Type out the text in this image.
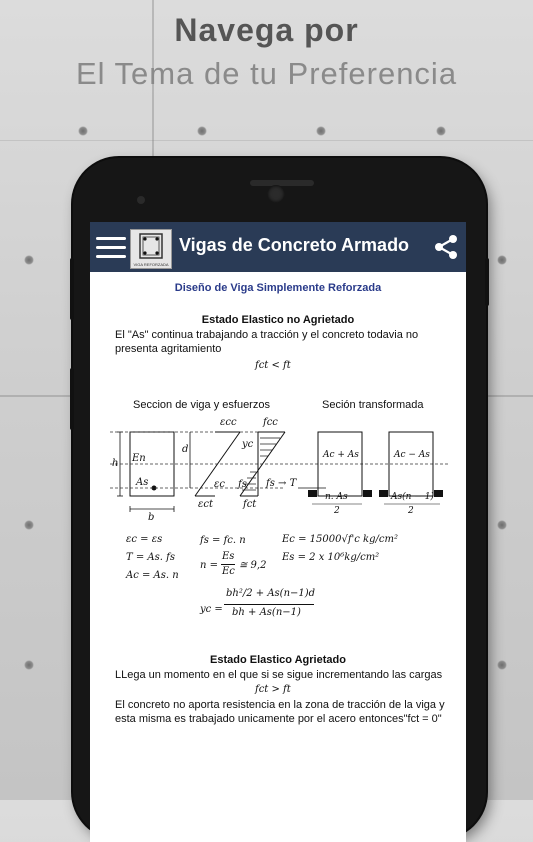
Navega por
El Tema de tu Preferencia
VIGA REFORZADA
Vigas de Concreto Armado
Diseño de Viga Simplemente Reforzada
Estado Elastico no Agrietado
El "As" continua trabajando a tracción y el concreto todavia no presenta agritamiento
fct < ft
Seccion de viga y esfuerzos	Seción transformada
εcc	fcc
h
d	yc
En
As	εc fs fs → T
εct	fct
b
Ac + As	Ac − As
n. As
2
As(n − 1)
2
εc = εs
T = As. fs
Ac = As. n
fs = fc. n
n =
Es
Ec
≅ 9,2
Ec = 15000√f'c kg/cm²
Es = 2 x 10⁶kg/cm²
yc =
bh²/2 + As(n−1)d
bh + As(n−1)
Estado Elastico Agrietado
LLega un momento en el que si se sigue incrementando las cargas
fct > ft
El concreto no aporta resistencia en la zona de tracción de la viga y esta misma es trabajado unicamente por el acero entonces"fct = 0"
